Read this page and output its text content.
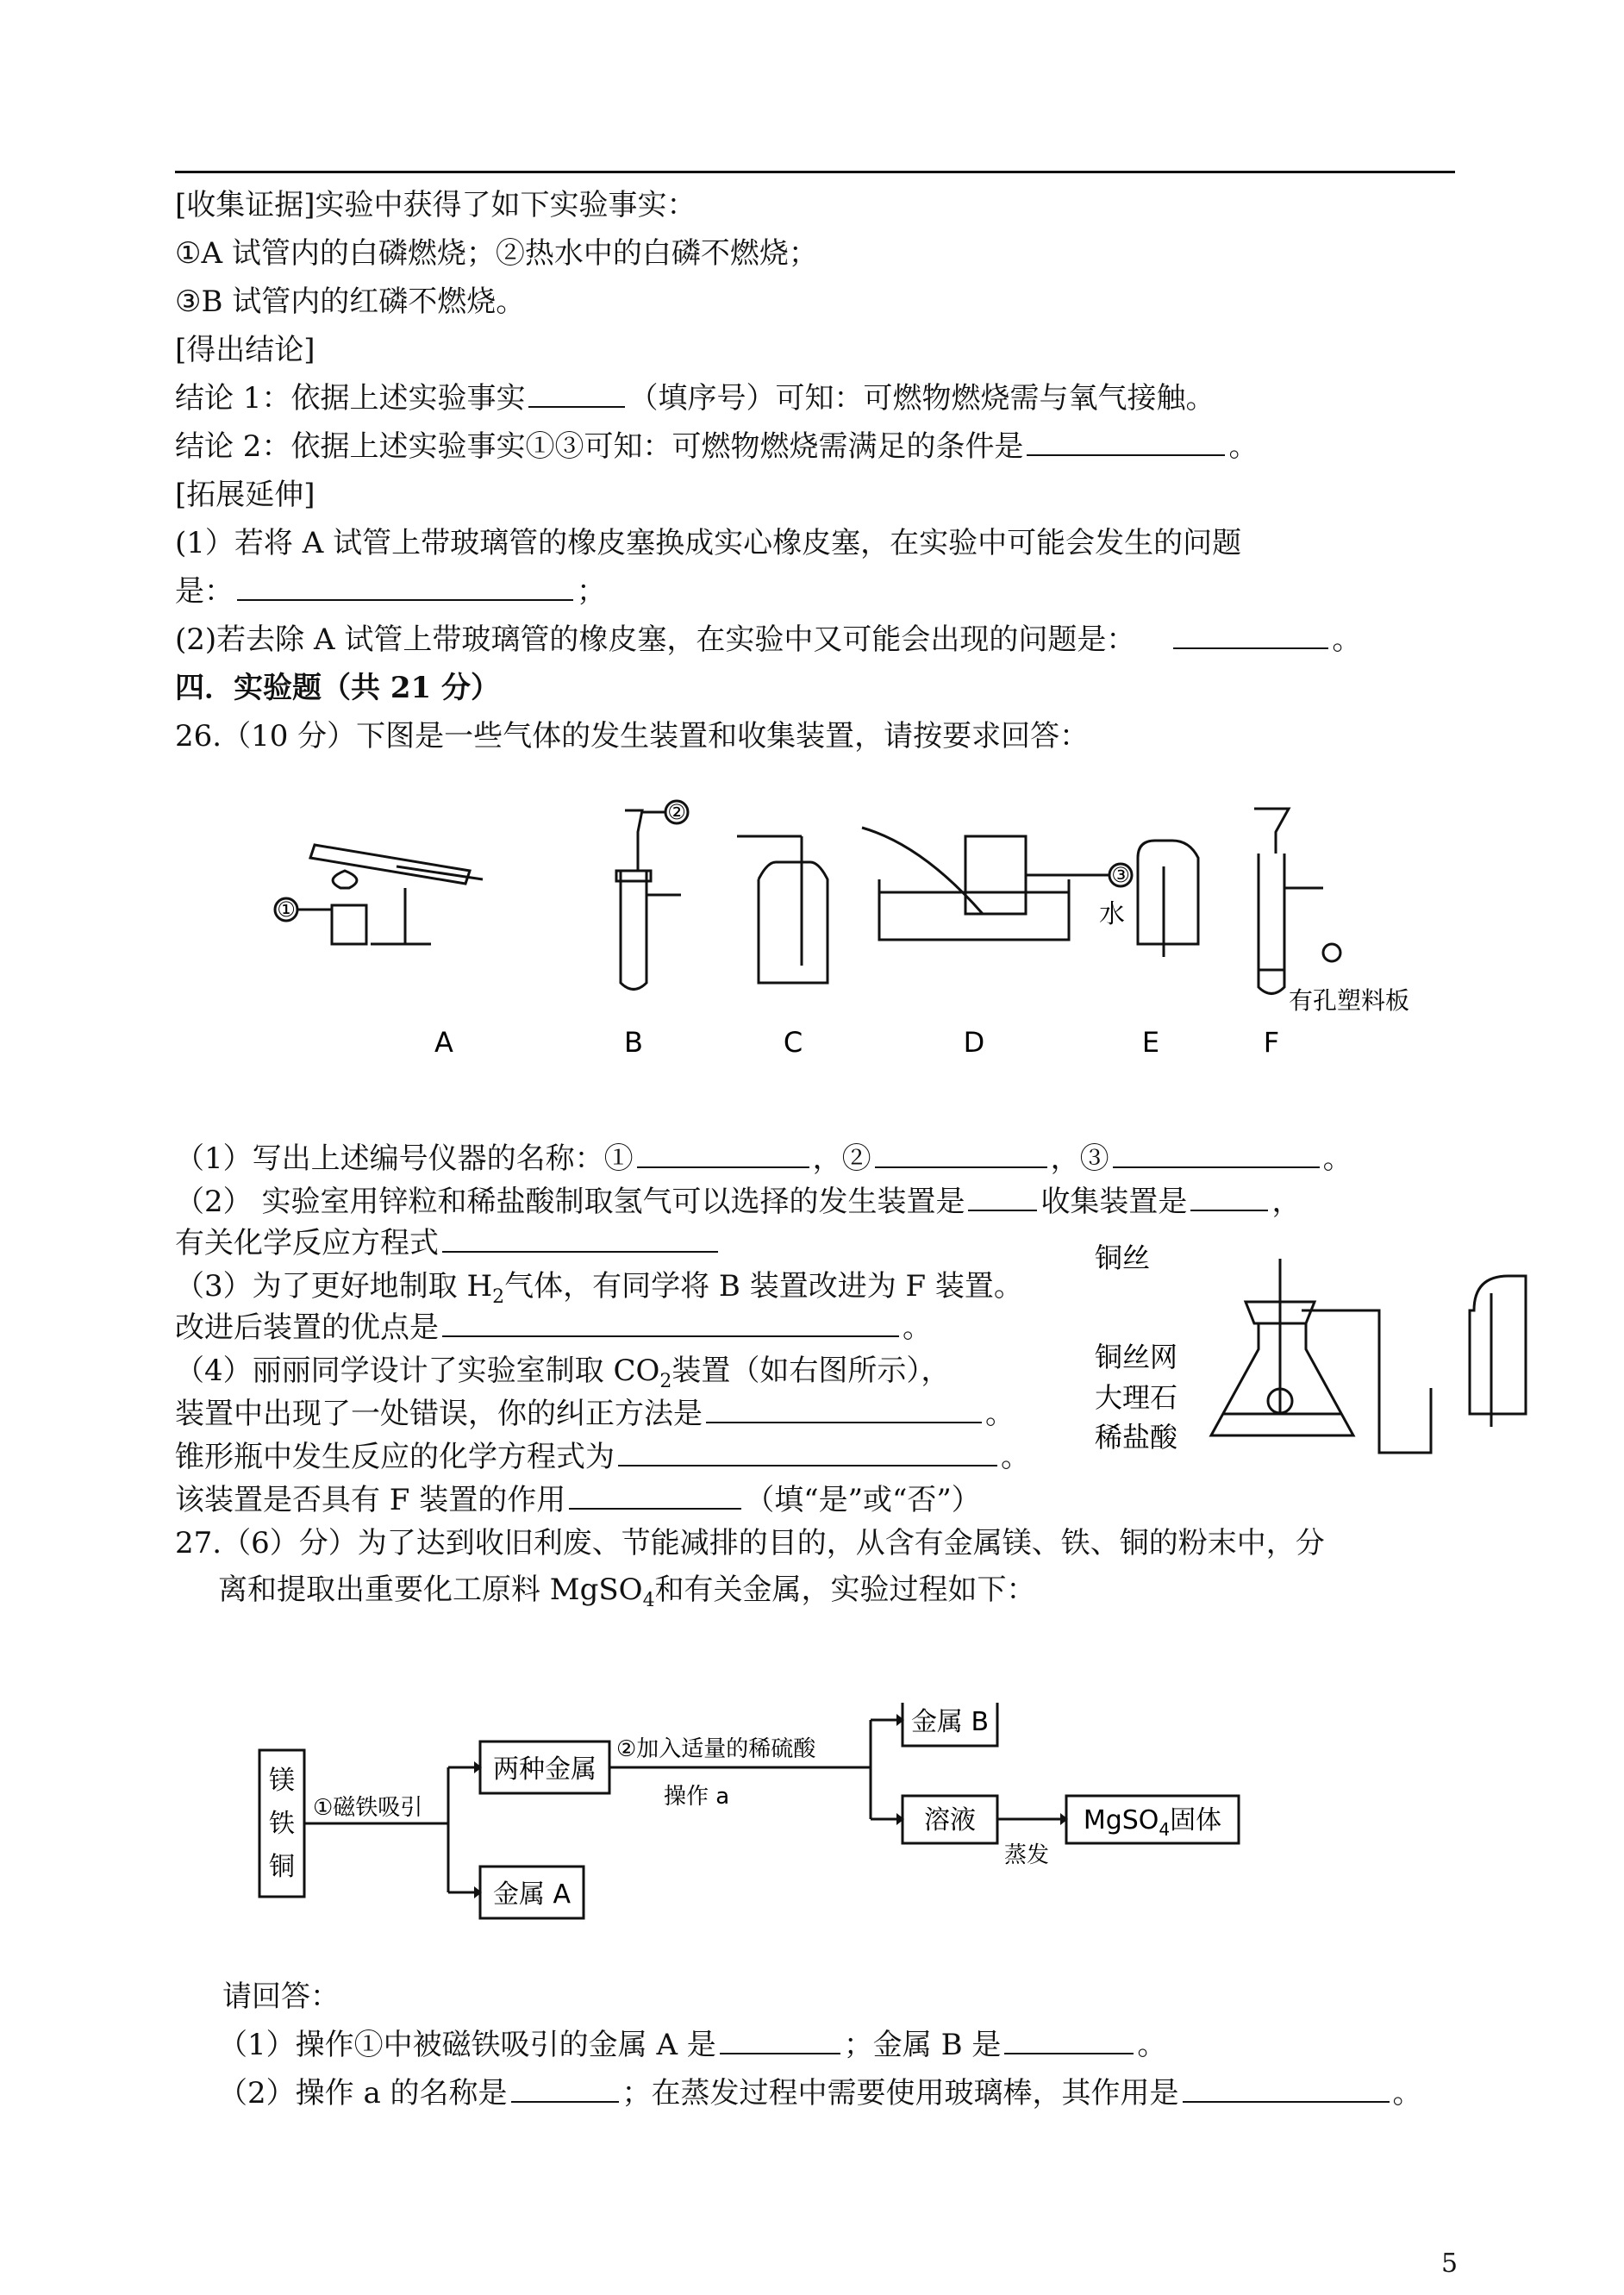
[收集证据]实验中获得了如下实验事实：
①A 试管内的白磷燃烧；②热水中的白磷不燃烧；
③B 试管内的红磷不燃烧。
[得出结论]
结论 1：依据上述实验事实	（填序号）可知：可燃物燃烧需与氧气接触。
结论 2：依据上述实验事实①③可知：可燃物燃烧需满足的条件是	。
[拓展延伸]
(1）若将 A 试管上带玻璃管的橡皮塞换成实心橡皮塞，在实验中可能会发生的问题
是：	；
(2)若去除 A 试管上带玻璃管的橡皮塞，在实验中又可能会出现的问题是：	。
四．实验题（共 21 分）
26.（10 分）下图是一些气体的发生装置和收集装置，请按要求回答：
①
②
③
水
有孔塑料板
A	B	C	D	E	F
（1）写出上述编号仪器的名称：①	，②	，③	。
（2） 实验室用锌粒和稀盐酸制取氢气可以选择的发生装置是	收集装置是	，
有关化学反应方程式
（3）为了更好地制取 $H_2$气体，有同学将 B 装置改进为 F 装置。
改进后装置的优点是	。
（4）丽丽同学设计了实验室制取 $CO_2$装置（如右图所示），
装置中出现了一处错误，你的纠正方法是	。
锥形瓶中发生反应的化学方程式为	。
该装置是否具有 F 装置的作用	（填“是”或“否”）
铜丝
铜丝网
大理石
稀盐酸
27.（6）分）为了达到收旧利废、节能减排的目的，从含有金属镁、铁、铜的粉末中，分
离和提取出重要化工原料 MgSO$_4$和有关金属，实验过程如下：
镁
铁
铜
两种金属
金属 A
金属 B
溶液	MgSO$_4$固体
①磁铁吸引
②加入适量的稀硫酸
操作 a
蒸发
请回答：
（1）操作①中被磁铁吸引的金属 A 是	；金属 B 是	。
（2）操作 a 的名称是	；在蒸发过程中需要使用玻璃棒，其作用是	。
5
